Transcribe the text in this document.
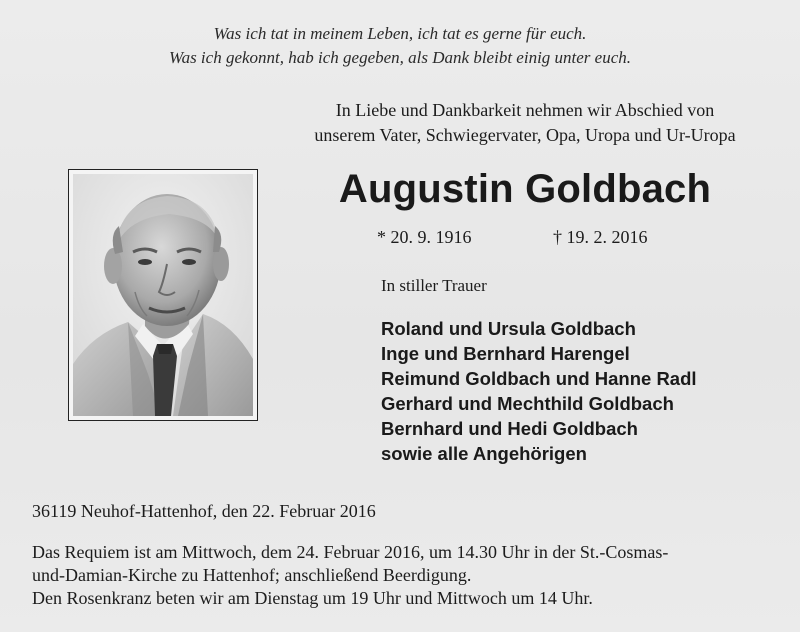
Was ich tat in meinem Leben, ich tat es gerne für euch.
Was ich gekonnt, hab ich gegeben, als Dank bleibt einig unter euch.
In Liebe und Dankbarkeit nehmen wir Abschied von
unserem Vater, Schwiegervater, Opa, Uropa und Ur-Uropa
Augustin Goldbach
* 20. 9. 1916	† 19. 2. 2016
In stiller Trauer
Roland und Ursula Goldbach
Inge und Bernhard Harengel
Reimund Goldbach und Hanne Radl
Gerhard und Mechthild Goldbach
Bernhard und Hedi Goldbach
sowie alle Angehörigen
36119 Neuhof-Hattenhof, den 22. Februar 2016
Das Requiem ist am Mittwoch, dem 24. Februar 2016, um 14.30 Uhr in der St.-Cosmas-
und-Damian-Kirche zu Hattenhof; anschließend Beerdigung.
Den Rosenkranz beten wir am Dienstag um 19 Uhr und Mittwoch um 14 Uhr.
